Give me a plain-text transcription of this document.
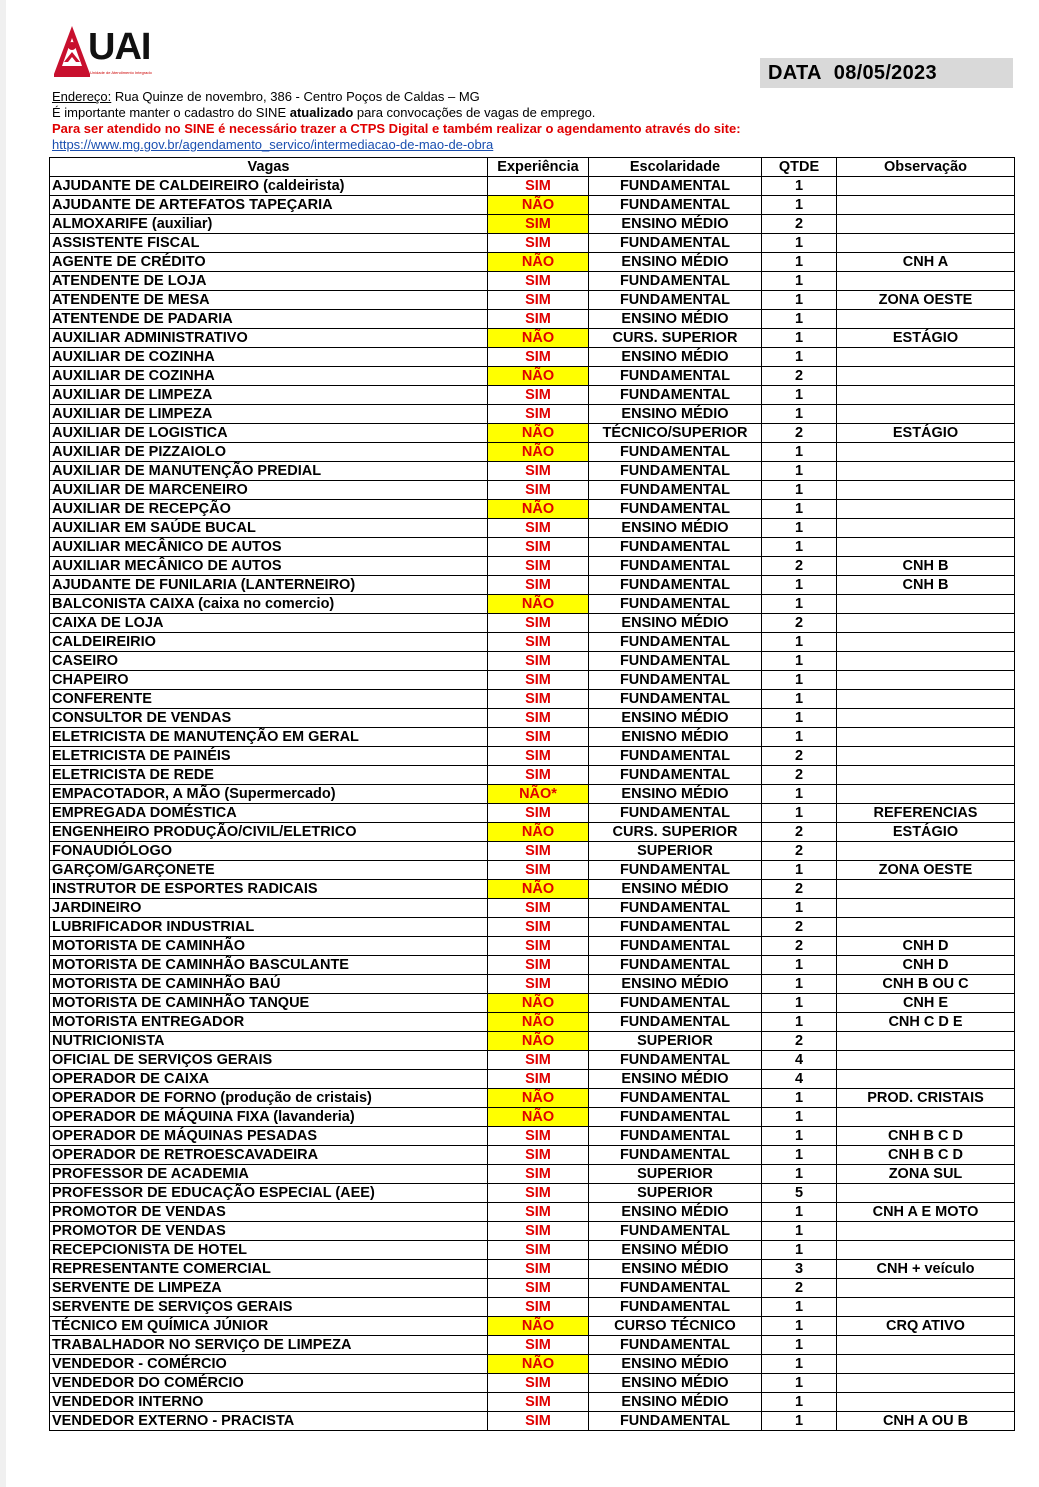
UAI
Unidade de Atendimento Integrado	DATA 08/05/2023
Endereço: Rua Quinze de novembro, 386 - Centro Poços de Caldas – MG
É importante manter o cadastro do SINE atualizado para convocações de vagas de emprego.
Para ser atendido no SINE é necessário trazer a CTPS Digital e também realizar o agendamento através do site:
https://www.mg.gov.br/agendamento_servico/intermediacao-de-mao-de-obra
Vagas	Experiência	Escolaridade	QTDE	Observação
AJUDANTE DE CALDEIREIRO (caldeirista)	SIM	FUNDAMENTAL	1	
AJUDANTE DE ARTEFATOS TAPEÇARIA	NÃO	FUNDAMENTAL	1	
ALMOXARIFE (auxiliar)	SIM	ENSINO MÉDIO	2	
ASSISTENTE FISCAL	SIM	FUNDAMENTAL	1	
AGENTE DE CRÉDITO	NÃO	ENSINO MÉDIO	1	CNH A
ATENDENTE DE LOJA	SIM	FUNDAMENTAL	1	
ATENDENTE DE MESA	SIM	FUNDAMENTAL	1	ZONA OESTE
ATENTENDE DE PADARIA	SIM	ENSINO MÉDIO	1	
AUXILIAR ADMINISTRATIVO	NÃO	CURS. SUPERIOR	1	ESTÁGIO
AUXILIAR DE COZINHA	SIM	ENSINO MÉDIO	1	
AUXILIAR DE COZINHA	NÃO	FUNDAMENTAL	2	
AUXILIAR DE LIMPEZA	SIM	FUNDAMENTAL	1	
AUXILIAR DE LIMPEZA	SIM	ENSINO MÉDIO	1	
AUXILIAR DE LOGISTICA	NÃO	TÉCNICO/SUPERIOR	2	ESTÁGIO
AUXILIAR DE PIZZAIOLO	NÃO	FUNDAMENTAL	1	
AUXILIAR DE MANUTENÇÃO PREDIAL	SIM	FUNDAMENTAL	1	
AUXILIAR DE MARCENEIRO	SIM	FUNDAMENTAL	1	
AUXILIAR DE RECEPÇÃO	NÃO	FUNDAMENTAL	1	
AUXILIAR EM SAÚDE BUCAL	SIM	ENSINO MÉDIO	1	
AUXILIAR MECÂNICO DE AUTOS	SIM	FUNDAMENTAL	1	
AUXILIAR MECÂNICO DE AUTOS	SIM	FUNDAMENTAL	2	CNH B
AJUDANTE DE FUNILARIA (LANTERNEIRO)	SIM	FUNDAMENTAL	1	CNH B
BALCONISTA CAIXA (caixa no comercio)	NÃO	FUNDAMENTAL	1	
CAIXA DE LOJA	SIM	ENSINO MÉDIO	2	
CALDEIREIRIO	SIM	FUNDAMENTAL	1	
CASEIRO	SIM	FUNDAMENTAL	1	
CHAPEIRO	SIM	FUNDAMENTAL	1	
CONFERENTE	SIM	FUNDAMENTAL	1	
CONSULTOR DE VENDAS	SIM	ENSINO MÉDIO	1	
ELETRICISTA DE MANUTENÇÃO EM GERAL	SIM	ENISNO MÉDIO	1	
ELETRICISTA DE PAINÉIS	SIM	FUNDAMENTAL	2	
ELETRICISTA DE REDE	SIM	FUNDAMENTAL	2	
EMPACOTADOR, A MÃO (Supermercado)	NÃO*	ENSINO MÉDIO	1	
EMPREGADA DOMÉSTICA	SIM	FUNDAMENTAL	1	REFERENCIAS
ENGENHEIRO PRODUÇÃO/CIVIL/ELETRICO	NÃO	CURS. SUPERIOR	2	ESTÁGIO
FONAUDIÓLOGO	SIM	SUPERIOR	2	
GARÇOM/GARÇONETE	SIM	FUNDAMENTAL	1	ZONA OESTE
INSTRUTOR DE ESPORTES RADICAIS	NÃO	ENSINO MÉDIO	2	
JARDINEIRO	SIM	FUNDAMENTAL	1	
LUBRIFICADOR INDUSTRIAL	SIM	FUNDAMENTAL	2	
MOTORISTA DE CAMINHÃO	SIM	FUNDAMENTAL	2	CNH D
MOTORISTA DE CAMINHÃO BASCULANTE	SIM	FUNDAMENTAL	1	CNH D
MOTORISTA DE CAMINHÃO BAÚ	SIM	ENSINO MÉDIO	1	CNH B OU C
MOTORISTA DE CAMINHÃO TANQUE	NÃO	FUNDAMENTAL	1	CNH E
MOTORISTA ENTREGADOR	NÃO	FUNDAMENTAL	1	CNH C D E
NUTRICIONISTA	NÃO	SUPERIOR	2	
OFICIAL DE SERVIÇOS GERAIS	SIM	FUNDAMENTAL	4	
OPERADOR DE CAIXA	SIM	ENSINO MÉDIO	4	
OPERADOR DE FORNO (produção de cristais)	NÃO	FUNDAMENTAL	1	PROD. CRISTAIS
OPERADOR DE MÁQUINA FIXA (lavanderia)	NÃO	FUNDAMENTAL	1	
OPERADOR DE MÁQUINAS PESADAS	SIM	FUNDAMENTAL	1	CNH B C D
OPERADOR DE RETROESCAVADEIRA	SIM	FUNDAMENTAL	1	CNH B C D
PROFESSOR DE ACADEMIA	SIM	SUPERIOR	1	ZONA SUL
PROFESSOR DE EDUCAÇÃO ESPECIAL (AEE)	SIM	SUPERIOR	5	
PROMOTOR DE VENDAS	SIM	ENSINO MÉDIO	1	CNH A E MOTO
PROMOTOR DE VENDAS	SIM	FUNDAMENTAL	1	
RECEPCIONISTA DE HOTEL	SIM	ENSINO MÉDIO	1	
REPRESENTANTE COMERCIAL	SIM	ENSINO MÉDIO	3	CNH + veículo
SERVENTE DE LIMPEZA	SIM	FUNDAMENTAL	2	
SERVENTE DE SERVIÇOS GERAIS	SIM	FUNDAMENTAL	1	
TÉCNICO EM QUÍMICA JÚNIOR	NÃO	CURSO TÉCNICO	1	CRQ ATIVO
TRABALHADOR NO SERVIÇO DE LIMPEZA	SIM	FUNDAMENTAL	1	
VENDEDOR - COMÉRCIO	NÃO	ENSINO MÉDIO	1	
VENDEDOR DO COMÉRCIO	SIM	ENSINO MÉDIO	1	
VENDEDOR INTERNO	SIM	ENSINO MÉDIO	1	
VENDEDOR EXTERNO - PRACISTA	SIM	FUNDAMENTAL	1	CNH A OU B
